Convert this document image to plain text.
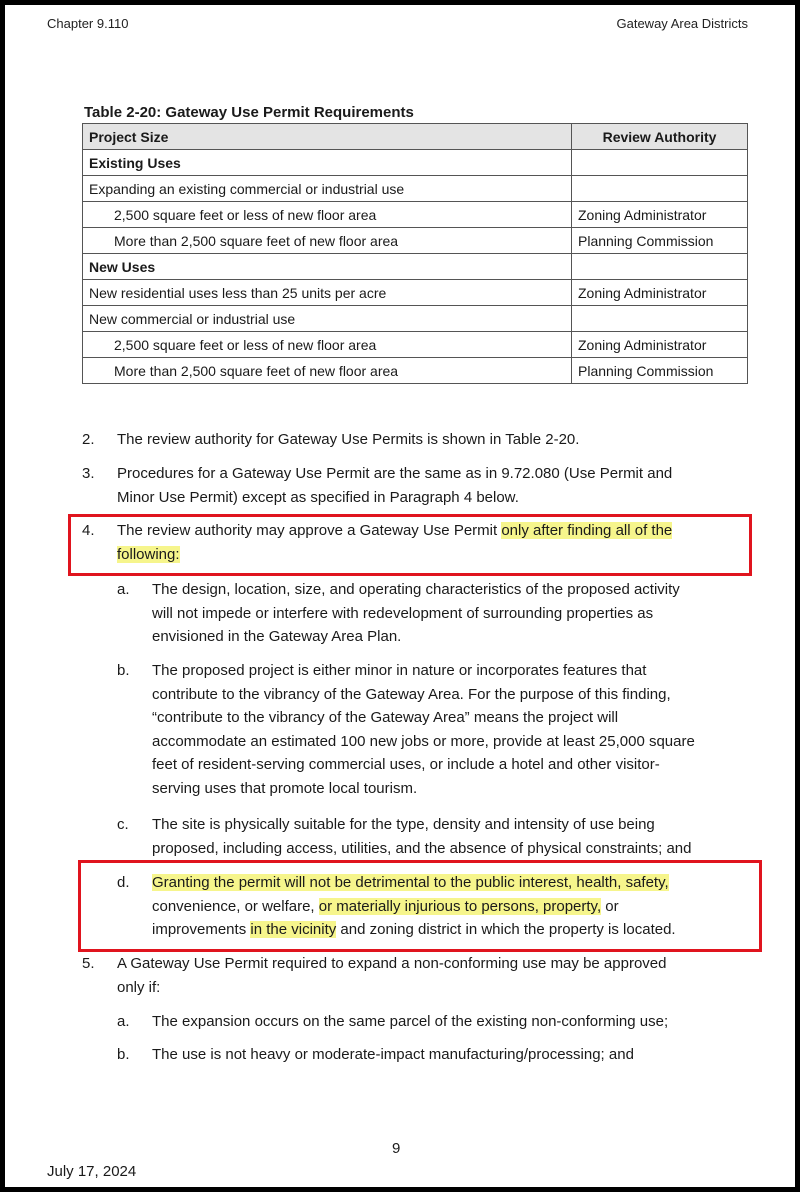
Chapter 9.110	Gateway Area Districts
Table 2-20: Gateway Use Permit Requirements
Project Size	Review Authority
Existing Uses	
Expanding an existing commercial or industrial use	
2,500 square feet or less of new floor area	Zoning Administrator
More than 2,500 square feet of new floor area	Planning Commission
New Uses	
New residential uses less than 25 units per acre	Zoning Administrator
New commercial or industrial use	
2,500 square feet or less of new floor area	Zoning Administrator
More than 2,500 square feet of new floor area	Planning Commission
2. The review authority for Gateway Use Permits is shown in Table 2-20.
3. Procedures for a Gateway Use Permit are the same as in 9.72.080 (Use Permit and
Minor Use Permit) except as specified in Paragraph 4 below.
4. The review authority may approve a Gateway Use Permit only after finding all of the
following:
a. The design, location, size, and operating characteristics of the proposed activity
will not impede or interfere with redevelopment of surrounding properties as
envisioned in the Gateway Area Plan.
b. The proposed project is either minor in nature or incorporates features that
contribute to the vibrancy of the Gateway Area. For the purpose of this finding,
“contribute to the vibrancy of the Gateway Area” means the project will
accommodate an estimated 100 new jobs or more, provide at least 25,000 square
feet of resident-serving commercial uses, or include a hotel and other visitor-
serving uses that promote local tourism.
c. The site is physically suitable for the type, density and intensity of use being
proposed, including access, utilities, and the absence of physical constraints; and
d. Granting the permit will not be detrimental to the public interest, health, safety,
convenience, or welfare, or materially injurious to persons, property, or
improvements in the vicinity and zoning district in which the property is located.
5. A Gateway Use Permit required to expand a non-conforming use may be approved
only if:
a. The expansion occurs on the same parcel of the existing non-conforming use;
b. The use is not heavy or moderate-impact manufacturing/processing; and
9
July 17, 2024
